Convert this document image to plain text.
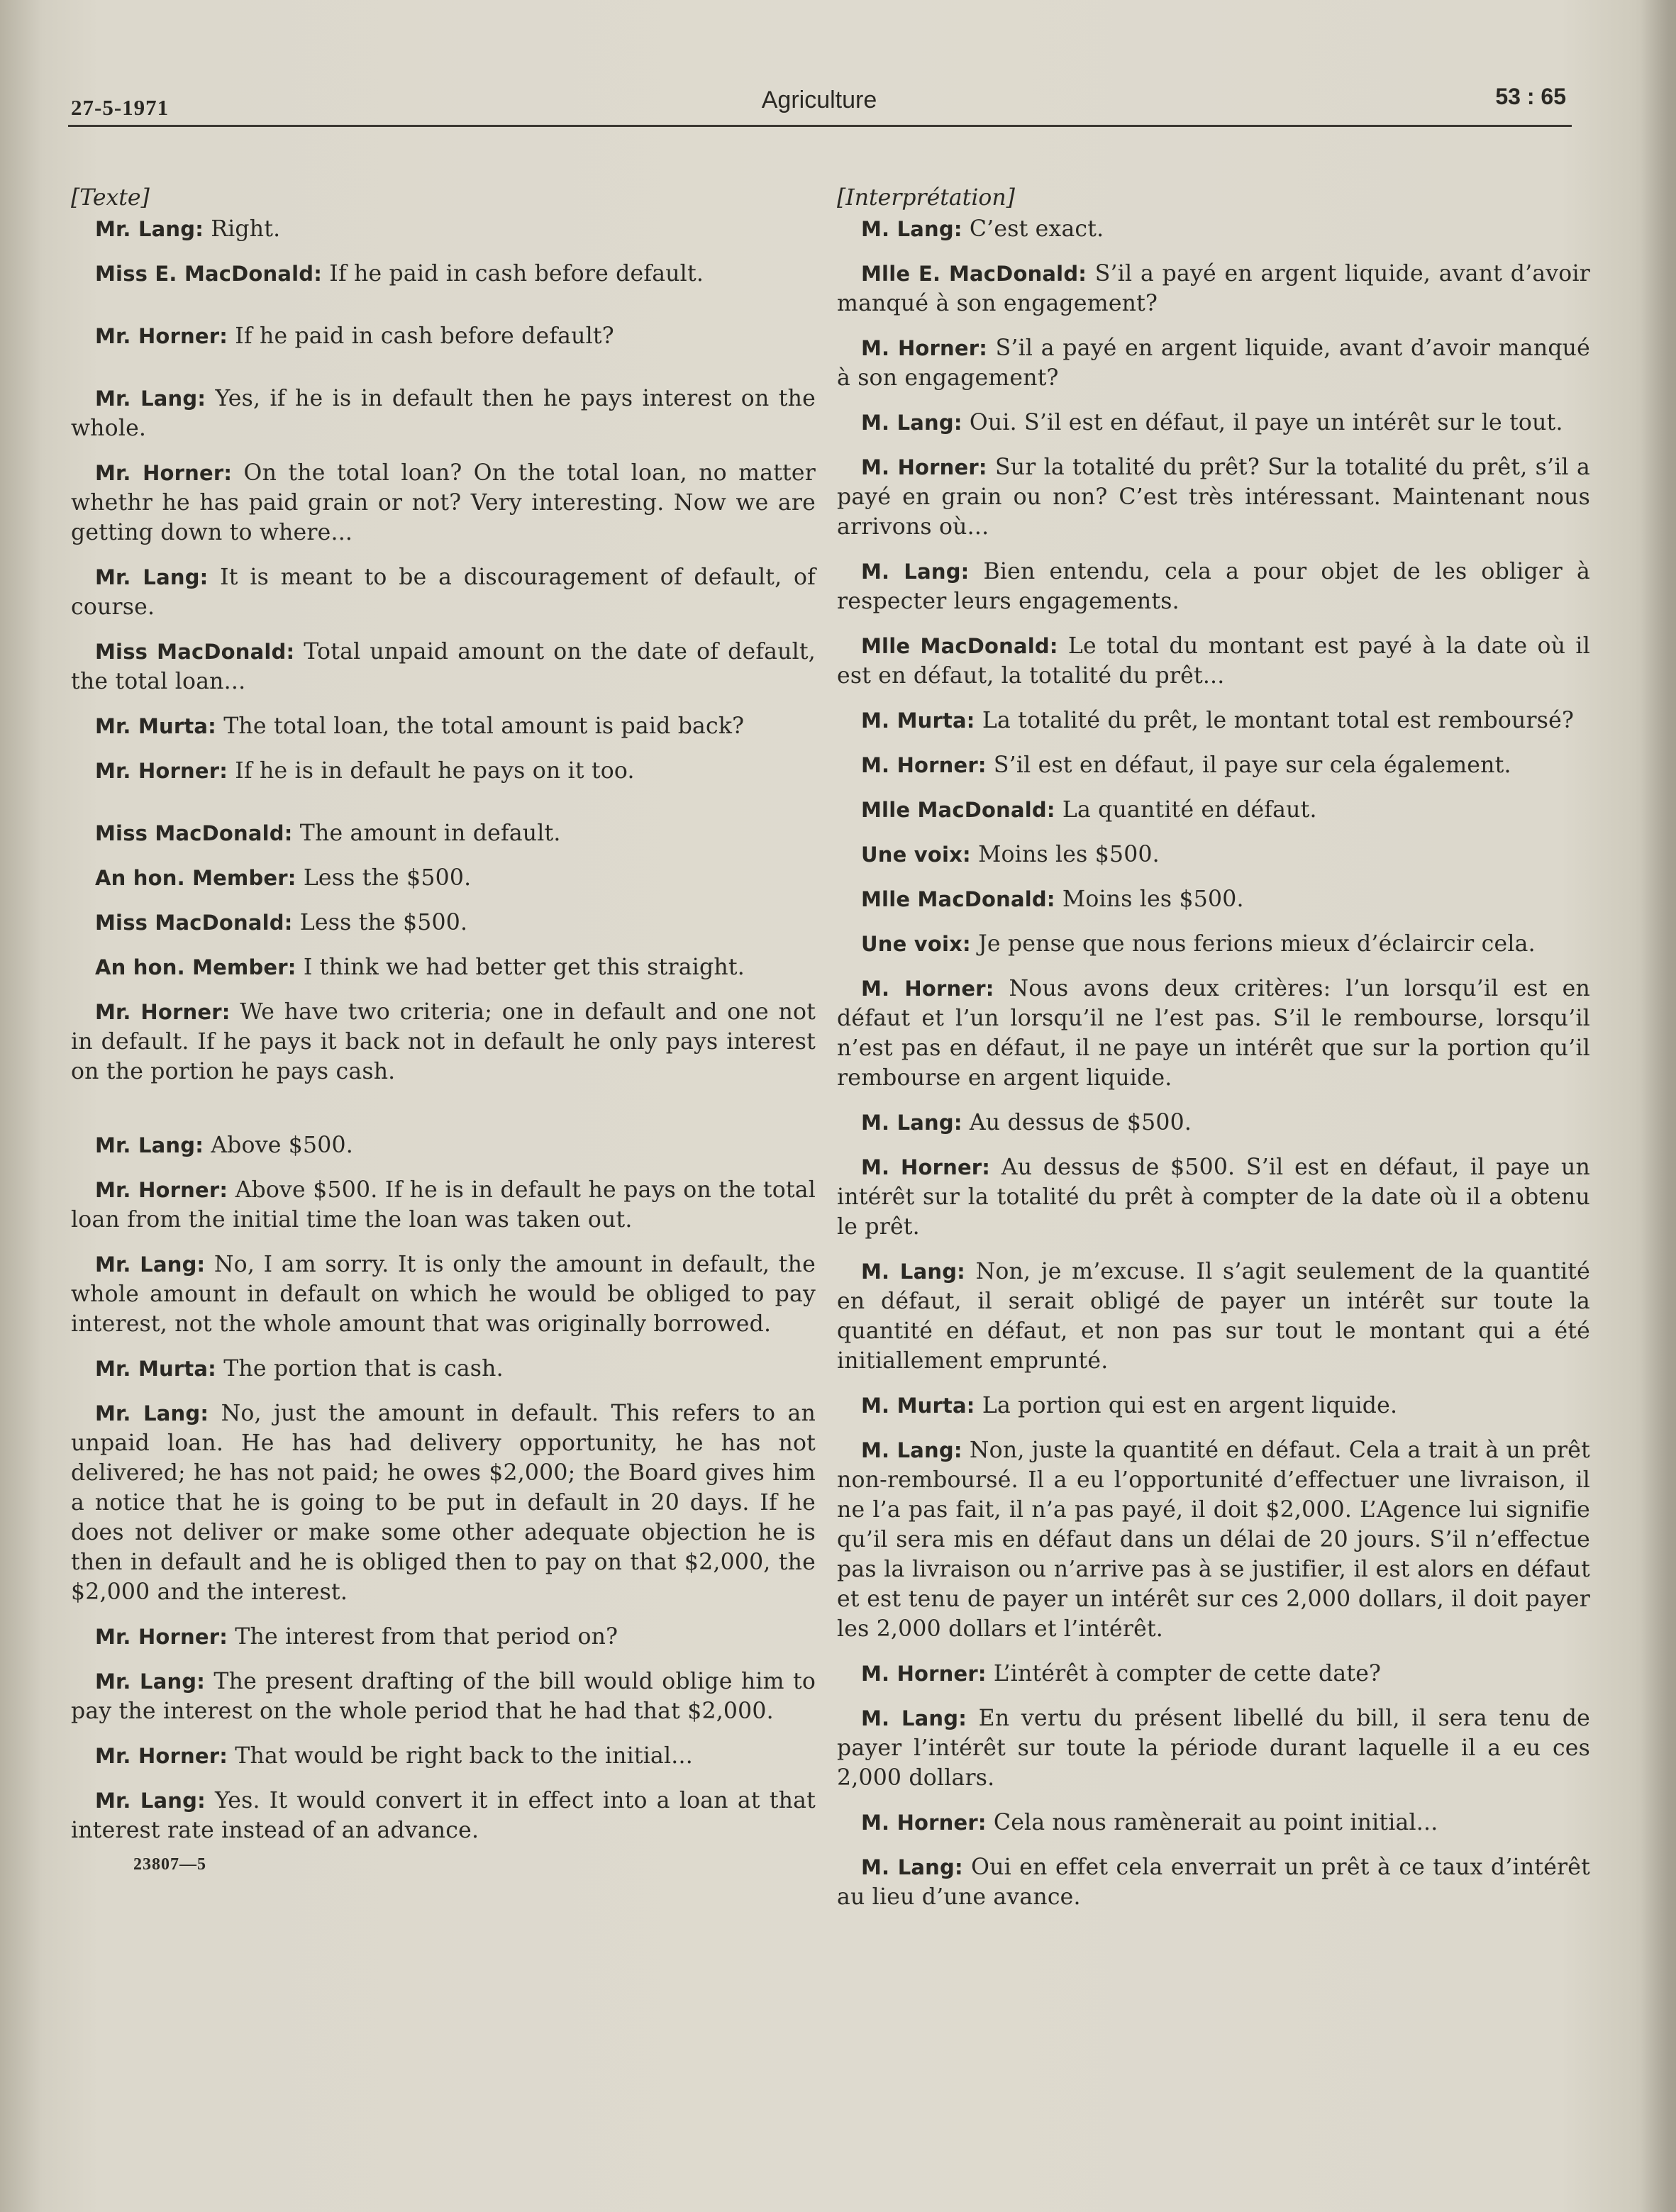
27-5-1971	Agriculture	53 : 65
[Texte]

Mr. Lang: Right.

Miss E. MacDonald: If he paid in cash before default.

Mr. Horner: If he paid in cash before default?

Mr. Lang: Yes, if he is in default then he pays interest on the whole.

Mr. Horner: On the total loan? On the total loan, no matter whethr he has paid grain or not? Very interesting. Now we are getting down to where...

Mr. Lang: It is meant to be a discouragement of default, of course.

Miss MacDonald: Total unpaid amount on the date of default, the total loan...

Mr. Murta: The total loan, the total amount is paid back?

Mr. Horner: If he is in default he pays on it too.

Miss MacDonald: The amount in default.

An hon. Member: Less the $500.

Miss MacDonald: Less the $500.

An hon. Member: I think we had better get this straight.

Mr. Horner: We have two criteria; one in default and one not in default. If he pays it back not in default he only pays interest on the portion he pays cash.

Mr. Lang: Above $500.

Mr. Horner: Above $500. If he is in default he pays on the total loan from the initial time the loan was taken out.

Mr. Lang: No, I am sorry. It is only the amount in default, the whole amount in default on which he would be obliged to pay interest, not the whole amount that was originally borrowed.

Mr. Murta: The portion that is cash.

Mr. Lang: No, just the amount in default. This refers to an unpaid loan. He has had delivery opportunity, he has not delivered; he has not paid; he owes $2,000; the Board gives him a notice that he is going to be put in default in 20 days. If he does not deliver or make some other adequate objection he is then in default and he is obliged then to pay on that $2,000, the $2,000 and the interest.

Mr. Horner: The interest from that period on?

Mr. Lang: The present drafting of the bill would oblige him to pay the interest on the whole period that he had that $2,000.

Mr. Horner: That would be right back to the initial...

Mr. Lang: Yes. It would convert it in effect into a loan at that interest rate instead of an advance.

23807—5
[Interprétation]

M. Lang: C’est exact.

Mlle E. MacDonald: S’il a payé en argent liquide, avant d’avoir manqué à son engagement?

M. Horner: S’il a payé en argent liquide, avant d’avoir manqué à son engagement?

M. Lang: Oui. S’il est en défaut, il paye un intérêt sur le tout.

M. Horner: Sur la totalité du prêt? Sur la totalité du prêt, s’il a payé en grain ou non? C’est très intéressant. Maintenant nous arrivons où...

M. Lang: Bien entendu, cela a pour objet de les obliger à respecter leurs engagements.

Mlle MacDonald: Le total du montant est payé à la date où il est en défaut, la totalité du prêt...

M. Murta: La totalité du prêt, le montant total est remboursé?

M. Horner: S’il est en défaut, il paye sur cela également.

Mlle MacDonald: La quantité en défaut.

Une voix: Moins les $500.

Mlle MacDonald: Moins les $500.

Une voix: Je pense que nous ferions mieux d’éclaircir cela.

M. Horner: Nous avons deux critères: l’un lorsqu’il est en défaut et l’un lorsqu’il ne l’est pas. S’il le rembourse, lorsqu’il n’est pas en défaut, il ne paye un intérêt que sur la portion qu’il rembourse en argent liquide.

M. Lang: Au dessus de $500.

M. Horner: Au dessus de $500. S’il est en défaut, il paye un intérêt sur la totalité du prêt à compter de la date où il a obtenu le prêt.

M. Lang: Non, je m’excuse. Il s’agit seulement de la quantité en défaut, il serait obligé de payer un intérêt sur toute la quantité en défaut, et non pas sur tout le montant qui a été initiallement emprunté.

M. Murta: La portion qui est en argent liquide.

M. Lang: Non, juste la quantité en défaut. Cela a trait à un prêt non-remboursé. Il a eu l’opportunité d’effectuer une livraison, il ne l’a pas fait, il n’a pas payé, il doit $2,000. L’Agence lui signifie qu’il sera mis en défaut dans un délai de 20 jours. S’il n’effectue pas la livraison ou n’arrive pas à se justifier, il est alors en défaut et est tenu de payer un intérêt sur ces 2,000 dollars, il doit payer les 2,000 dollars et l’intérêt.

M. Horner: L’intérêt à compter de cette date?

M. Lang: En vertu du présent libellé du bill, il sera tenu de payer l’intérêt sur toute la période durant laquelle il a eu ces 2,000 dollars.

M. Horner: Cela nous ramènerait au point initial...

M. Lang: Oui en effet cela enverrait un prêt à ce taux d’intérêt au lieu d’une avance.
